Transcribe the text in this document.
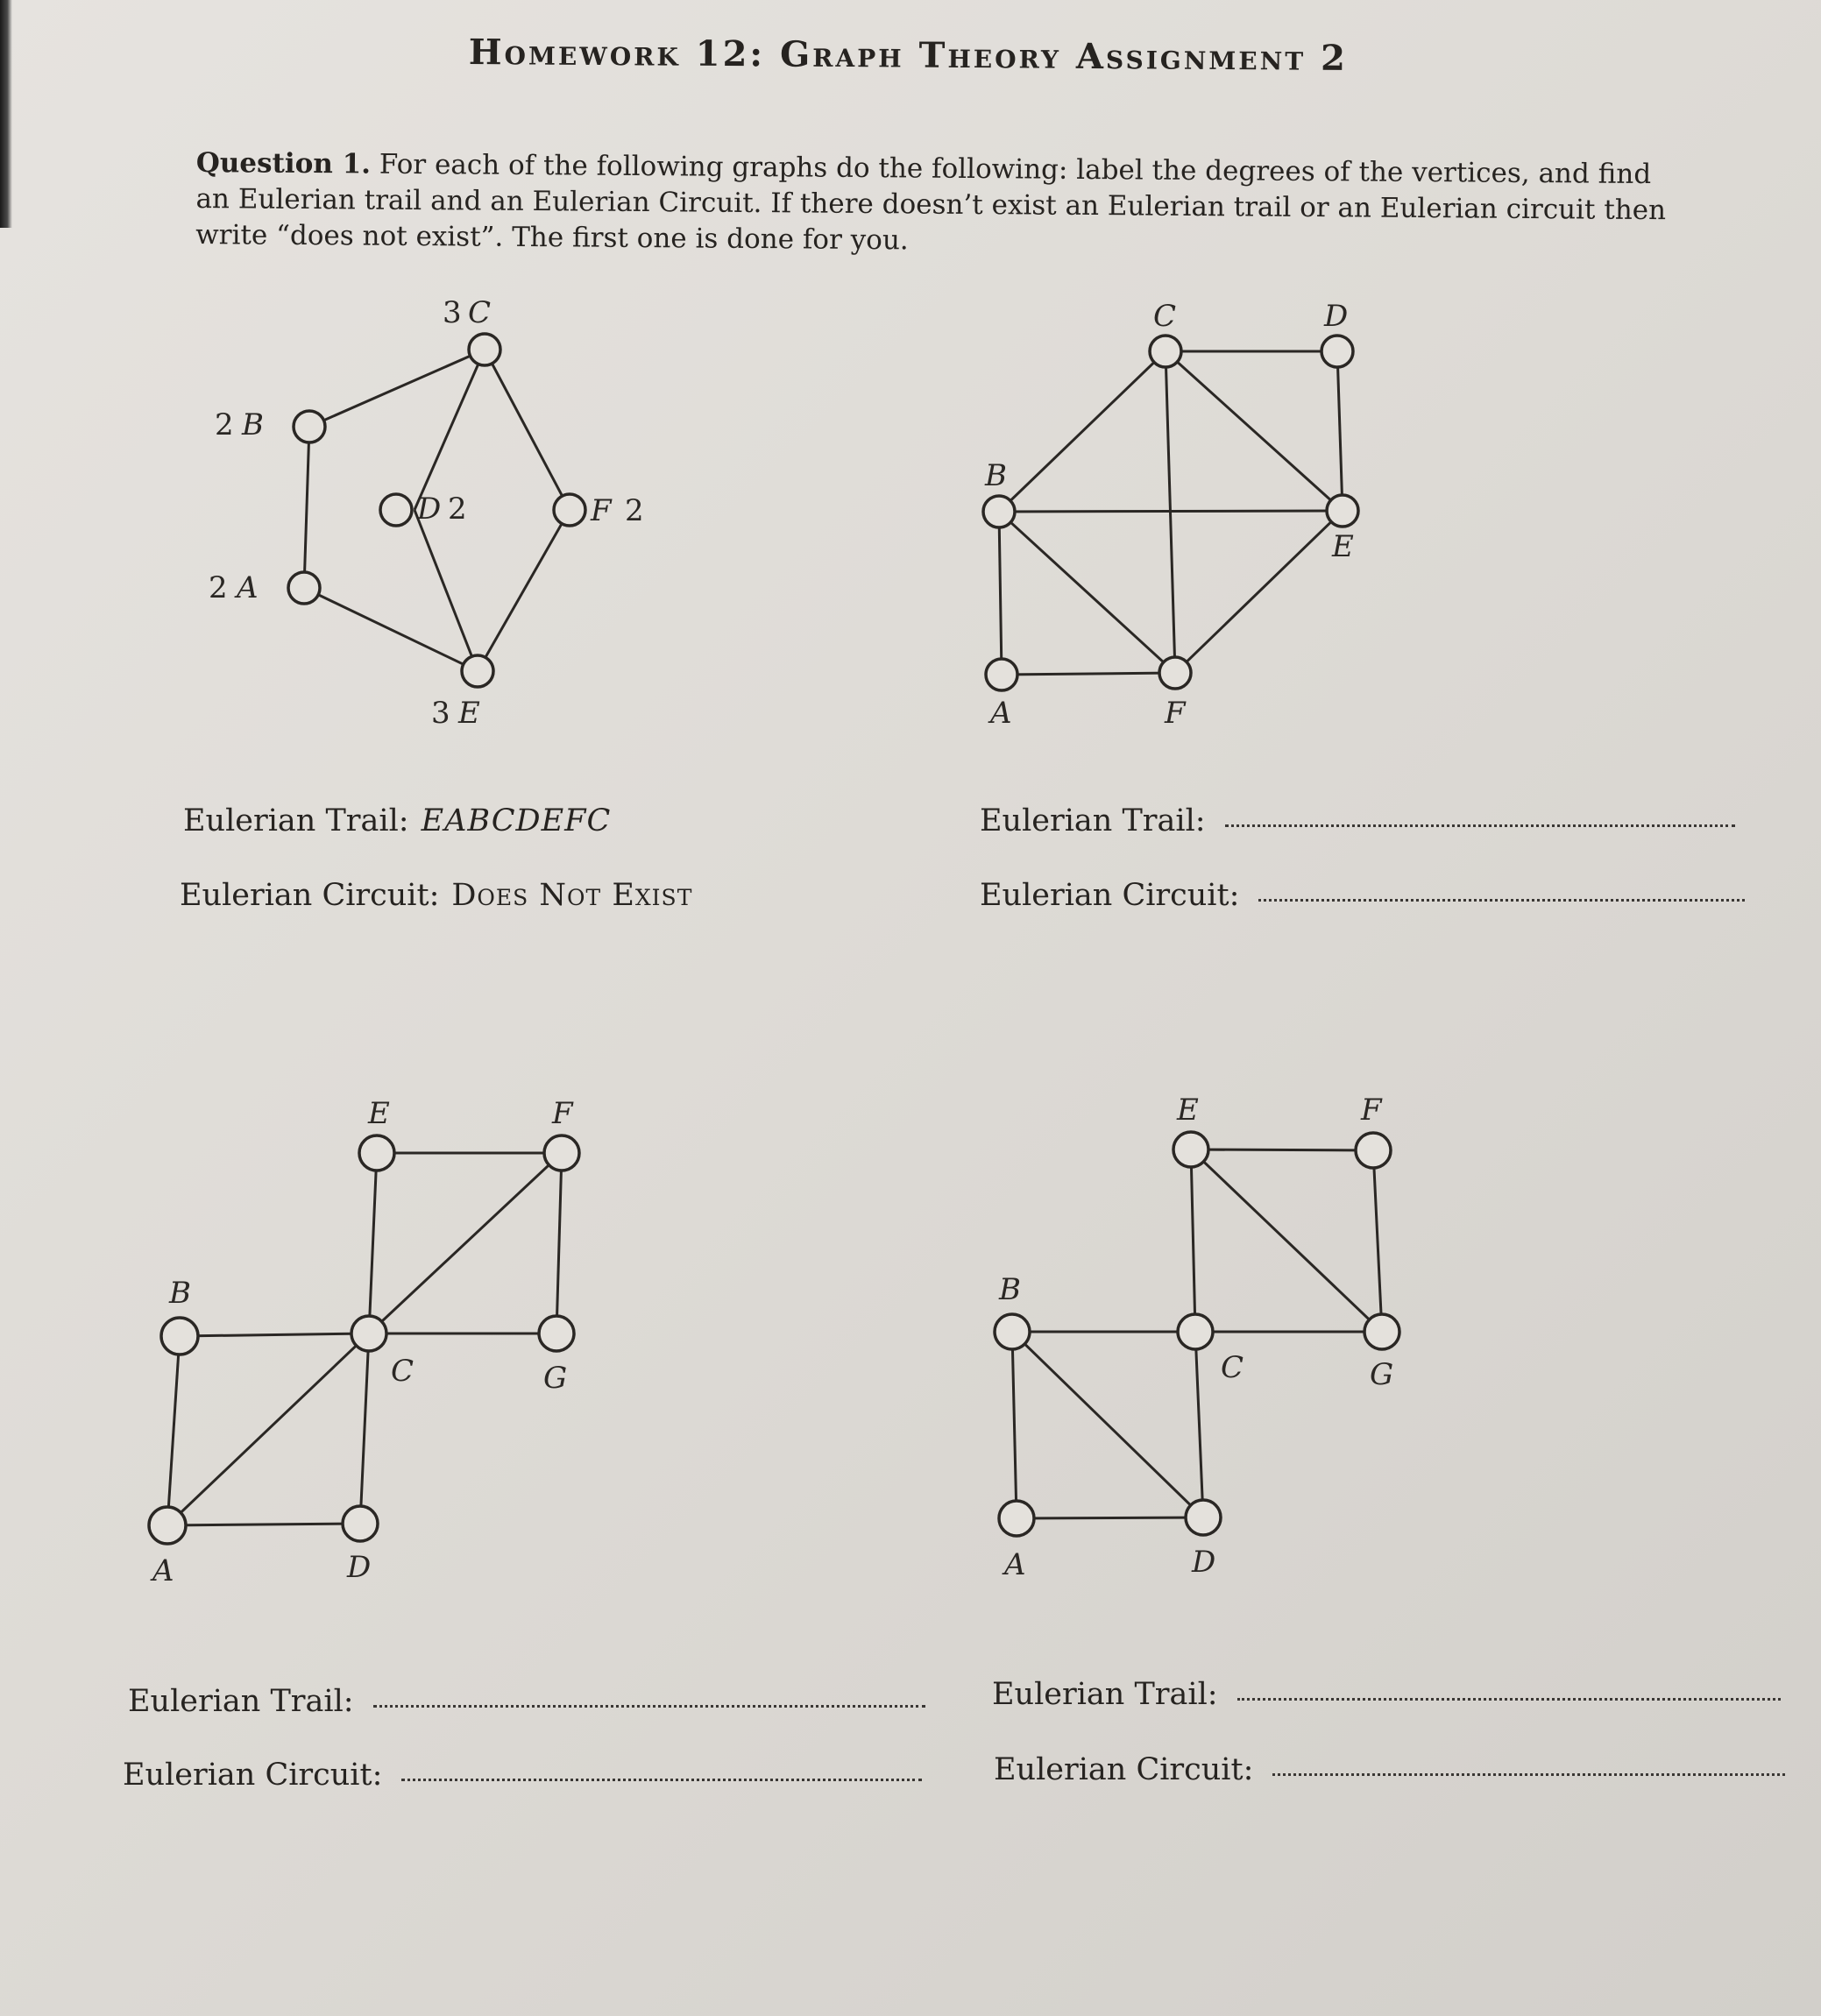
Homework 12: Graph Theory Assignment 2
Question 1. For each of the following graphs do the following: label the degrees of the vertices, and find an Eulerian trail and an Eulerian Circuit. If there doesn’t exist an Eulerian trail or an Eulerian circuit then write “does not exist”. The first one is done for you.
3 C
2 B
D 2	F 2
2 A
3 E
Eulerian Trail: EABCDEFC
Eulerian Circuit: Does Not Exist
C	D
B
E
A	F
Eulerian Trail:
Eulerian Circuit:
E	F
B
C	G
A	D
Eulerian Trail:
Eulerian Circuit:
E	F
B
C	G
A	D
Eulerian Trail:
Eulerian Circuit:
